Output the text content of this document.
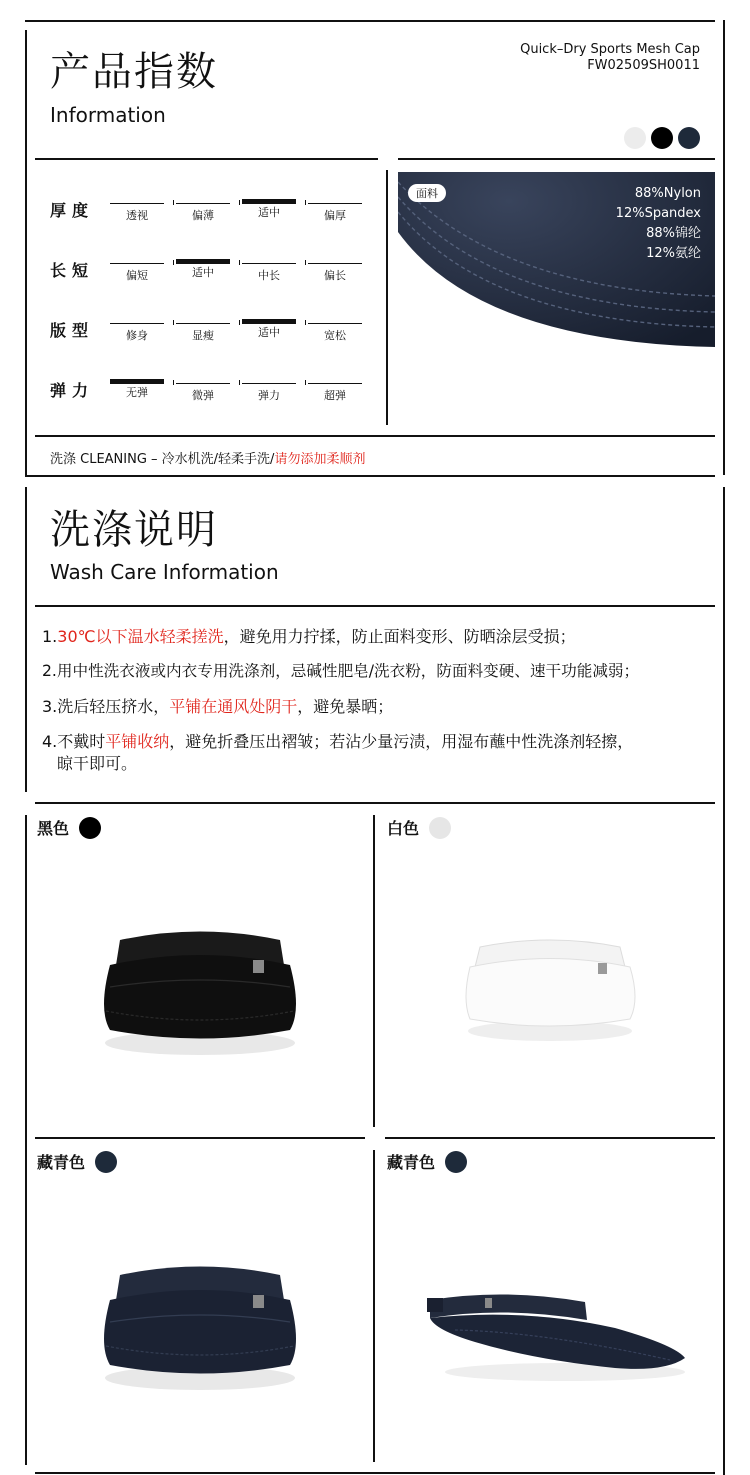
产品指数
Information
Quick–Dry Sports Mesh Cap
FW02509SH0011
厚度	透视	偏薄	适中	偏厚
长短	偏短	适中	中长	偏长
版型	修身	显瘦	适中	宽松
弹力	无弹	微弹	弹力	超弹
面料	88%Nylon
12%Spandex
88%锦纶
12%氨纶
洗涤 CLEANING – 冷水机洗/轻柔手洗/请勿添加柔顺剂
洗涤说明
Wash Care Information
1.30℃以下温水轻柔搓洗，避免用力拧揉，防止面料变形、防晒涂层受损；
2.用中性洗衣液或内衣专用洗涤剂，忌碱性肥皂/洗衣粉，防面料变硬、速干功能减弱；
3.洗后轻压挤水，平铺在通风处阴干，避免暴晒；
4.不戴时平铺收纳，避免折叠压出褶皱；若沾少量污渍，用湿布蘸中性洗涤剂轻擦，
晾干即可。
黑色	白色
藏青色	藏青色
